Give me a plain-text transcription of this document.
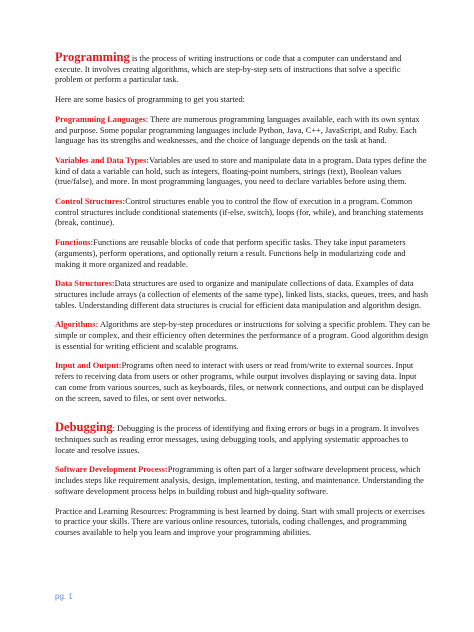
Programming is the process of writing instructions or code that a computer can understand and execute. It involves creating algorithms, which are step-by-step sets of instructions that solve a specific problem or perform a particular task.

Here are some basics of programming to get you started:

Programming Languages: There are numerous programming languages available, each with its own syntax and purpose. Some popular programming languages include Python, Java, C++, JavaScript, and Ruby. Each language has its strengths and weaknesses, and the choice of language depends on the task at hand.

Variables and Data Types:Variables are used to store and manipulate data in a program. Data types define the kind of data a variable can hold, such as integers, floating-point numbers, strings (text), Boolean values (true/false), and more. In most programming languages, you need to declare variables before using them.

Control Structures:Control structures enable you to control the flow of execution in a program. Common control structures include conditional statements (if-else, switch), loops (for, while), and branching statements (break, continue).

Functions:Functions are reusable blocks of code that perform specific tasks. They take input parameters (arguments), perform operations, and optionally return a result. Functions help in modularizing code and making it more organized and readable.

Data Structures:Data structures are used to organize and manipulate collections of data. Examples of data structures include arrays (a collection of elements of the same type), linked lists, stacks, queues, trees, and hash tables. Understanding different data structures is crucial for efficient data manipulation and algorithm design.

Algorithms: Algorithms are step-by-step procedures or instructions for solving a specific problem. They can be simple or complex, and their efficiency often determines the performance of a program. Good algorithm design is essential for writing efficient and scalable programs.

Input and Output:Programs often need to interact with users or read from/write to external sources. Input refers to receiving data from users or other programs, while output involves displaying or saving data. Input can come from various sources, such as keyboards, files, or network connections, and output can be displayed on the screen, saved to files, or sent over networks.

Debugging: Debugging is the process of identifying and fixing errors or bugs in a program. It involves techniques such as reading error messages, using debugging tools, and applying systematic approaches to locate and resolve issues.

Software Development Process:Programming is often part of a larger software development process, which includes steps like requirement analysis, design, implementation, testing, and maintenance. Understanding the software development process helps in building robust and high-quality software.

Practice and Learning Resources: Programming is best learned by doing. Start with small projects or exercises to practice your skills. There are various online resources, tutorials, coding challenges, and programming courses available to help you learn and improve your programming abilities.

pg. 1
